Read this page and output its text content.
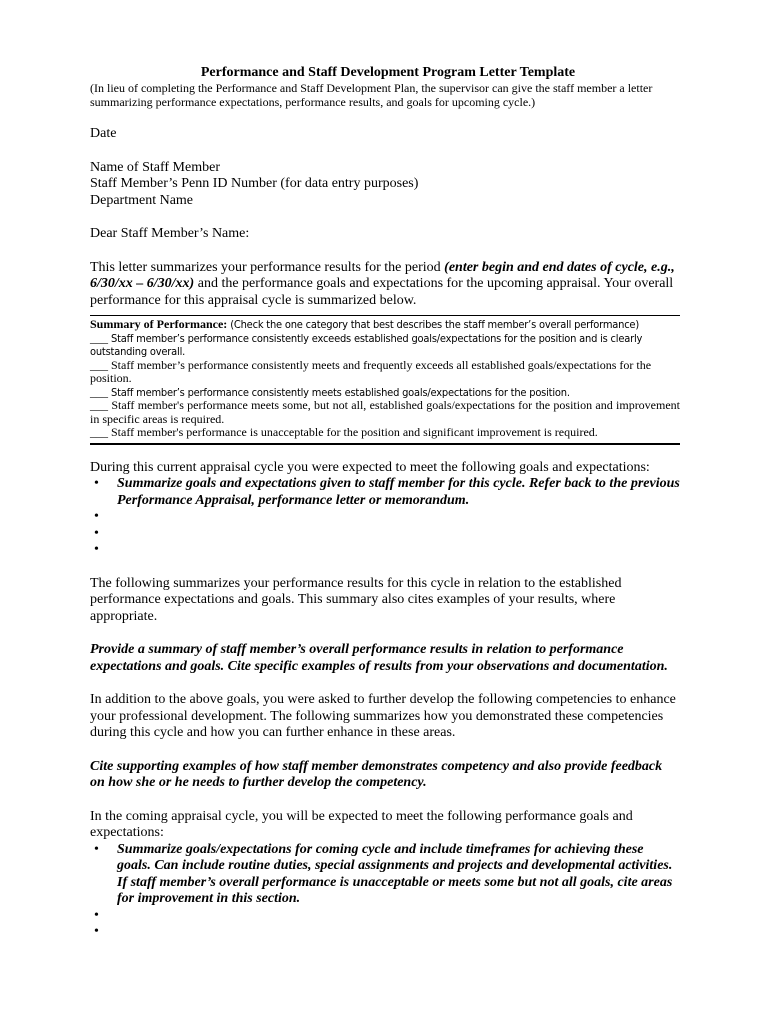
Performance and Staff Development Program Letter Template

(In lieu of completing the Performance and Staff Development Plan, the supervisor can give the staff member a letter summarizing performance expectations, performance results, and goals for upcoming cycle.)

Date

Name of Staff Member

Staff Member’s Penn ID Number (for data entry purposes)

Department Name

Dear Staff Member’s Name:

This letter summarizes your performance results for the period (enter begin and end dates of cycle, e.g., 6/30/xx – 6/30/xx) and the performance goals and expectations for the upcoming appraisal. Your overall performance for this appraisal cycle is summarized below.

Summary of Performance: (Check the one category that best describes the staff member’s overall performance)
___ Staff member’s performance consistently exceeds established goals/expectations for the position and is clearly outstanding overall.
___ Staff member’s performance consistently meets and frequently exceeds all established goals/expectations for the position.
___ Staff member’s performance consistently meets established goals/expectations for the position.
___ Staff member's performance meets some, but not all, established goals/expectations for the position and improvement in specific areas is required.
___ Staff member's performance is unacceptable for the position and significant improvement is required.

During this current appraisal cycle you were expected to meet the following goals and expectations:

• Summarize goals and expectations given to staff member for this cycle. Refer back to the previous Performance Appraisal, performance letter or memorandum.
•
•
•

The following summarizes your performance results for this cycle in relation to the established performance expectations and goals. This summary also cites examples of your results, where appropriate.

Provide a summary of staff member’s overall performance results in relation to performance expectations and goals. Cite specific examples of results from your observations and documentation.

In addition to the above goals, you were asked to further develop the following competencies to enhance your professional development. The following summarizes how you demonstrated these competencies during this cycle and how you can further enhance in these areas.

Cite supporting examples of how staff member demonstrates competency and also provide feedback on how she or he needs to further develop the competency.

In the coming appraisal cycle, you will be expected to meet the following performance goals and expectations:

• Summarize goals/expectations for coming cycle and include timeframes for achieving these goals. Can include routine duties, special assignments and projects and developmental activities. If staff member’s overall performance is unacceptable or meets some but not all goals, cite areas for improvement in this section.
•
•
